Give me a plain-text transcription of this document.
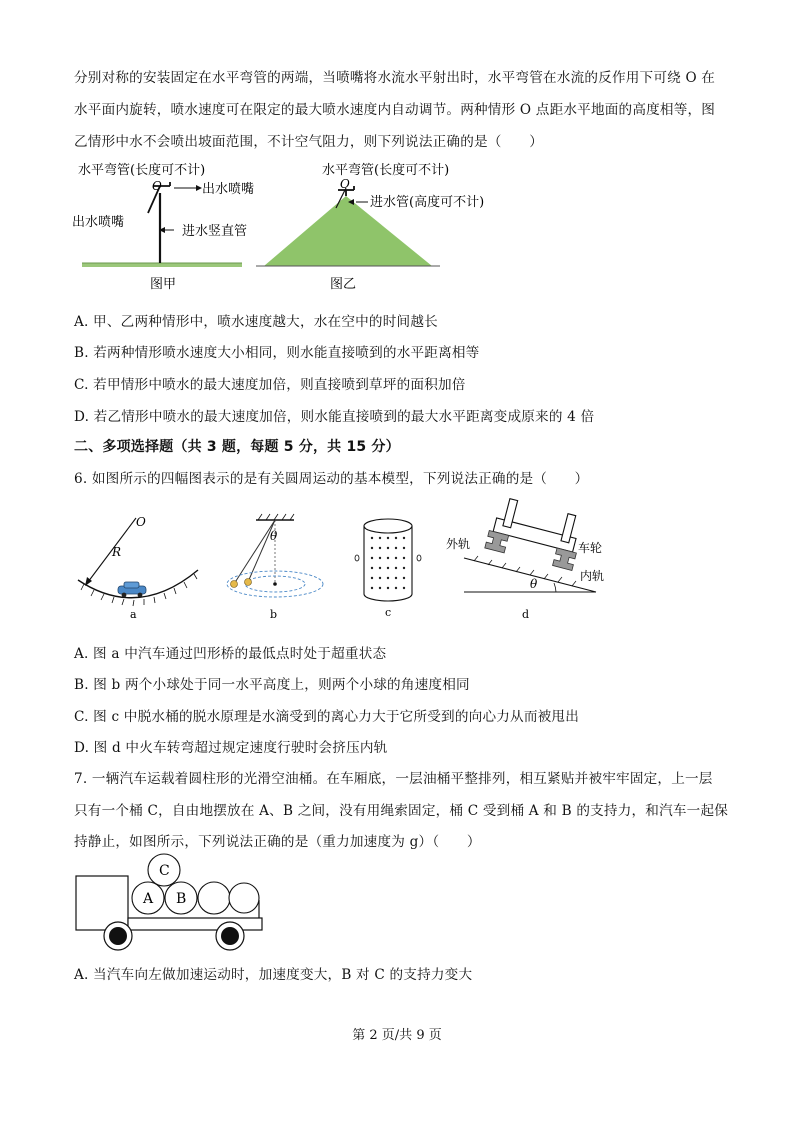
分别对称的安装固定在水平弯管的两端，当喷嘴将水流水平射出时，水平弯管在水流的反作用下可绕 O 在
水平面内旋转，喷水速度可在限定的最大喷水速度内自动调节。两种情形 O 点距水平地面的高度相等，图
乙情形中水不会喷出坡面范围，不计空气阻力，则下列说法正确的是（　　）
水平弯管(长度可不计)
O	出水喷嘴
出水喷嘴
进水竖直管
图甲
水平弯管(长度可不计)
O
进水管(高度可不计)
图乙
A. 甲、乙两种情形中，喷水速度越大，水在空中的时间越长
B. 若两种情形喷水速度大小相同，则水能直接喷到的水平距离相等
C. 若甲情形中喷水的最大速度加倍，则直接喷到草坪的面积加倍
D. 若乙情形中喷水的最大速度加倍，则水能直接喷到的最大水平距离变成原来的 4 倍
二、多项选择题（共 3 题，每题 5 分，共 15 分）
6. 如图所示的四幅图表示的是有关圆周运动的基本模型，下列说法正确的是（　　）
O
R
a
θ
b	c
外轨	车轮
内轨
θ
d
A. 图 a 中汽车通过凹形桥的最低点时处于超重状态
B. 图 b 两个小球处于同一水平高度上，则两个小球的角速度相同
C. 图 c 中脱水桶的脱水原理是水滴受到的离心力大于它所受到的向心力从而被甩出
D. 图 d 中火车转弯超过规定速度行驶时会挤压内轨
7. 一辆汽车运载着圆柱形的光滑空油桶。在车厢底，一层油桶平整排列，相互紧贴并被牢牢固定，上一层
只有一个桶 C，自由地摆放在 A、B 之间，没有用绳索固定，桶 C 受到桶 A 和 B 的支持力，和汽车一起保
持静止，如图所示，下列说法正确的是（重力加速度为 g）（　　）
A B
C
A. 当汽车向左做加速运动时，加速度变大，B 对 C 的支持力变大
第 2 页/共 9 页
